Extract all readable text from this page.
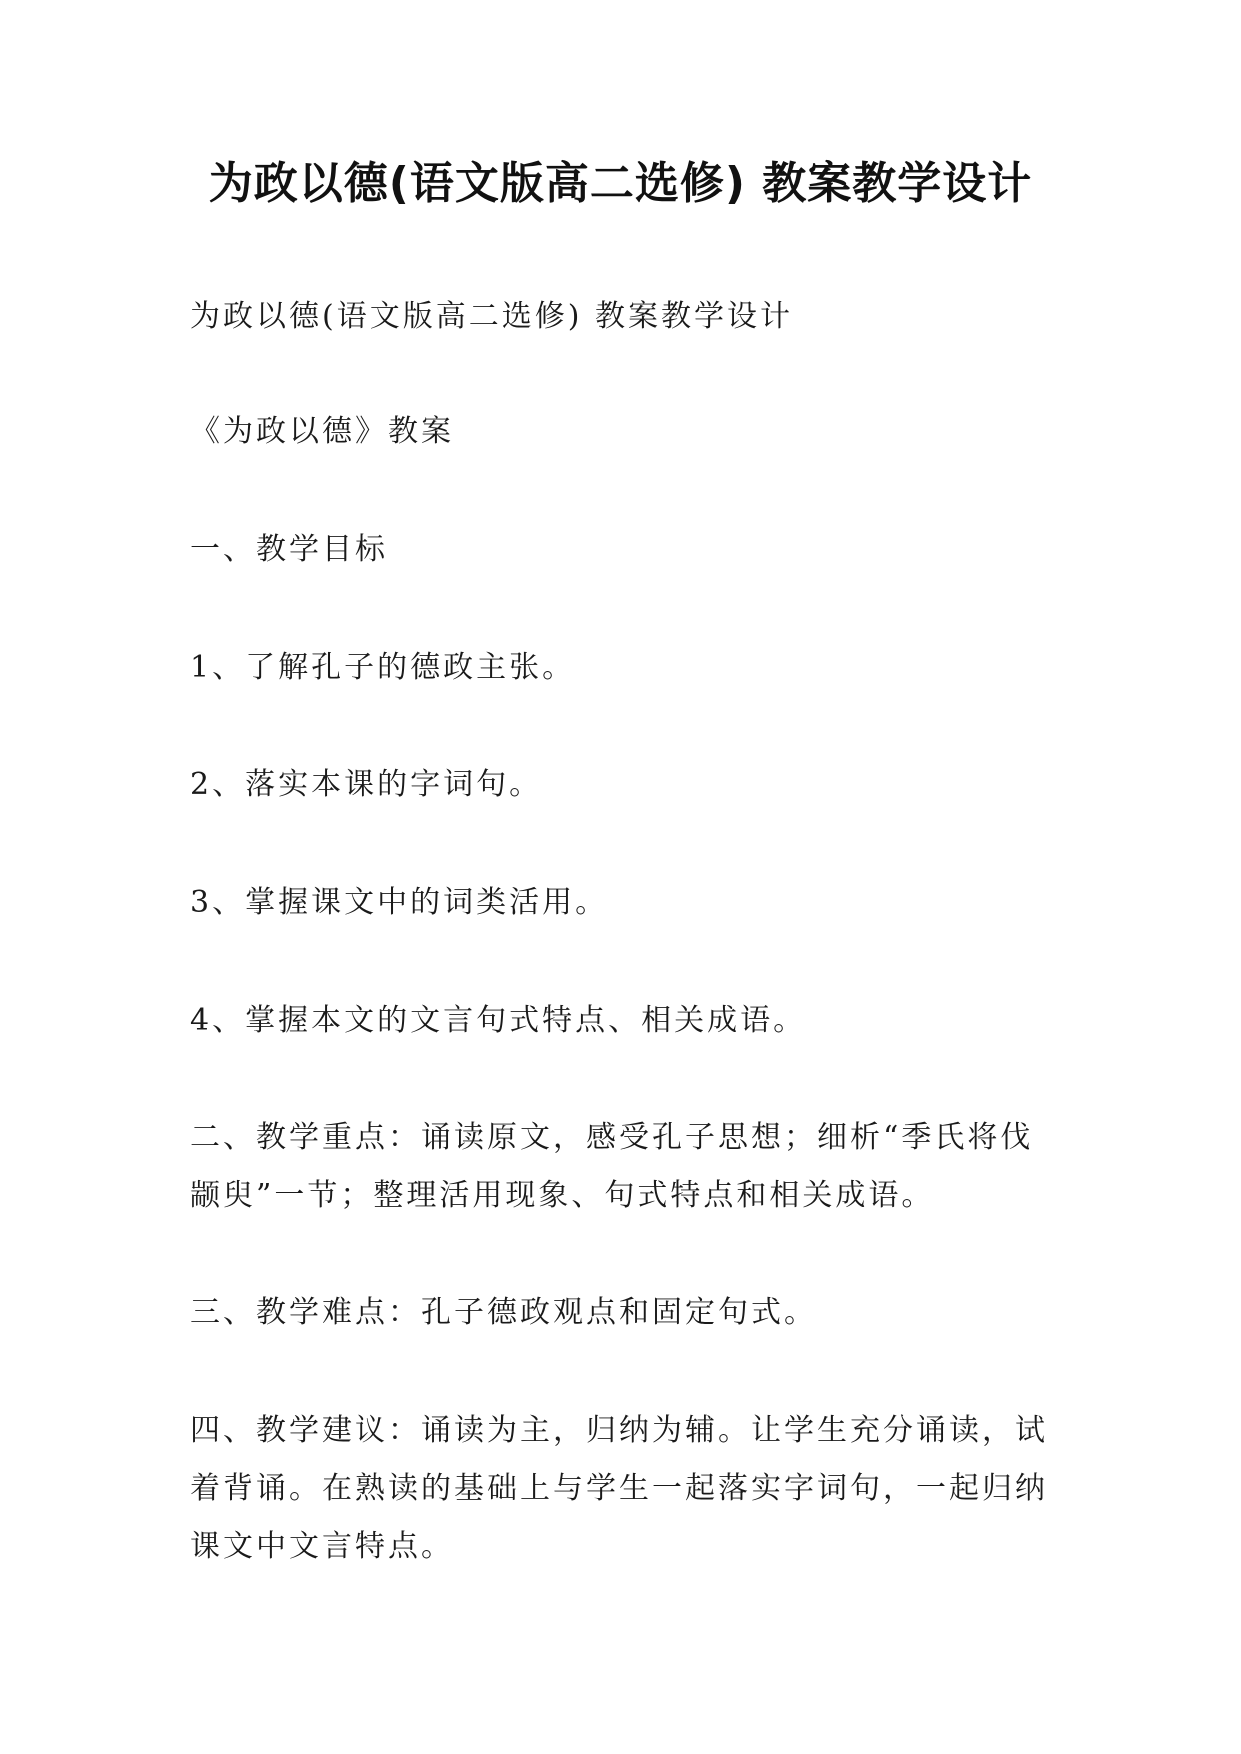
为政以德(语文版高二选修) 教案教学设计

为政以德(语文版高二选修) 教案教学设计

《为政以德》教案

一、教学目标

1、了解孔子的德政主张。

2、落实本课的字词句。

3、掌握课文中的词类活用。

4、掌握本文的文言句式特点、相关成语。

二、教学重点：诵读原文，感受孔子思想；细析“季氏将伐颛臾”一节；整理活用现象、句式特点和相关成语。

三、教学难点：孔子德政观点和固定句式。

四、教学建议：诵读为主，归纳为辅。让学生充分诵读，试着背诵。在熟读的基础上与学生一起落实字词句，一起归纳课文中文言特点。
